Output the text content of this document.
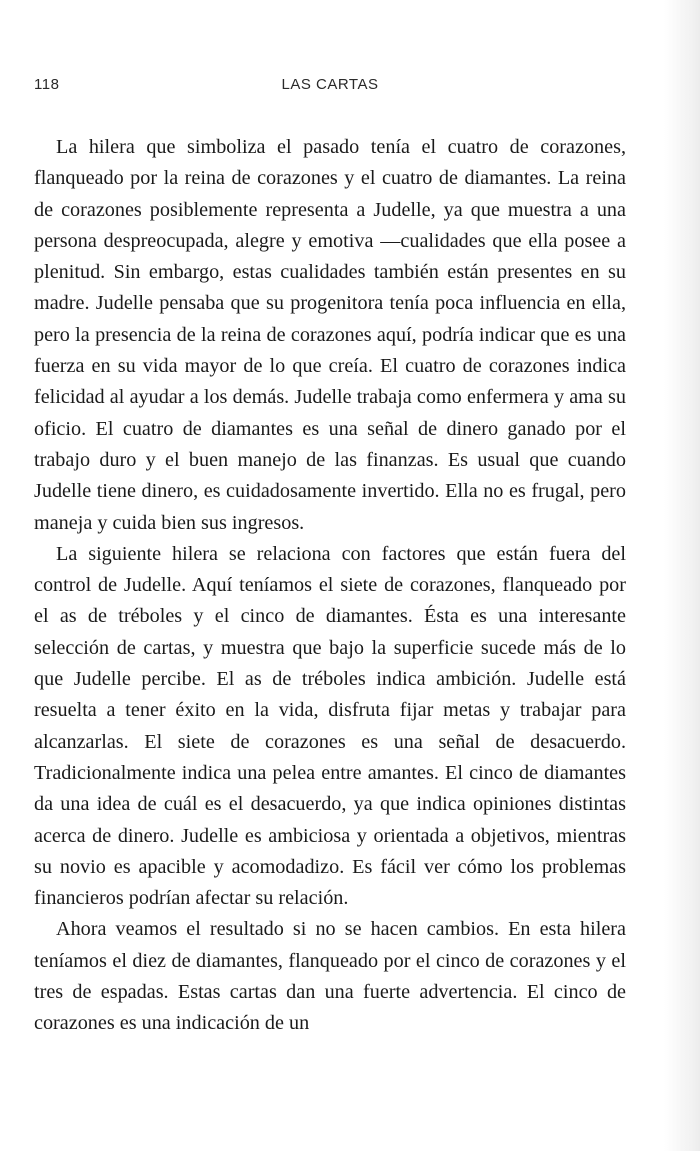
118	LAS CARTAS

La hilera que simboliza el pasado tenía el cuatro de corazones, flanqueado por la reina de corazones y el cuatro de diamantes. La reina de corazones posiblemente representa a Judelle, ya que muestra a una persona despreocupada, alegre y emotiva —cualidades que ella posee a plenitud. Sin embargo, estas cualidades también están presentes en su madre. Judelle pensaba que su progenitora tenía poca influencia en ella, pero la presencia de la reina de corazones aquí, podría indicar que es una fuerza en su vida mayor de lo que creía. El cuatro de corazones indica felicidad al ayudar a los demás. Judelle trabaja como enfermera y ama su oficio. El cuatro de diamantes es una señal de dinero ganado por el trabajo duro y el buen manejo de las finanzas. Es usual que cuando Judelle tiene dinero, es cuidadosamente invertido. Ella no es frugal, pero maneja y cuida bien sus ingresos.

La siguiente hilera se relaciona con factores que están fuera del control de Judelle. Aquí teníamos el siete de corazones, flanqueado por el as de tréboles y el cinco de diamantes. Ésta es una interesante selección de cartas, y muestra que bajo la superficie sucede más de lo que Judelle percibe. El as de tréboles indica ambición. Judelle está resuelta a tener éxito en la vida, disfruta fijar metas y trabajar para alcanzarlas. El siete de corazones es una señal de desacuerdo. Tradicionalmente indica una pelea entre amantes. El cinco de diamantes da una idea de cuál es el desacuerdo, ya que indica opiniones distintas acerca de dinero. Judelle es ambiciosa y orientada a objetivos, mientras su novio es apacible y acomodadizo. Es fácil ver cómo los problemas financieros podrían afectar su relación.

Ahora veamos el resultado si no se hacen cambios. En esta hilera teníamos el diez de diamantes, flanqueado por el cinco de corazones y el tres de espadas. Estas cartas dan una fuerte advertencia. El cinco de corazones es una indicación de un
